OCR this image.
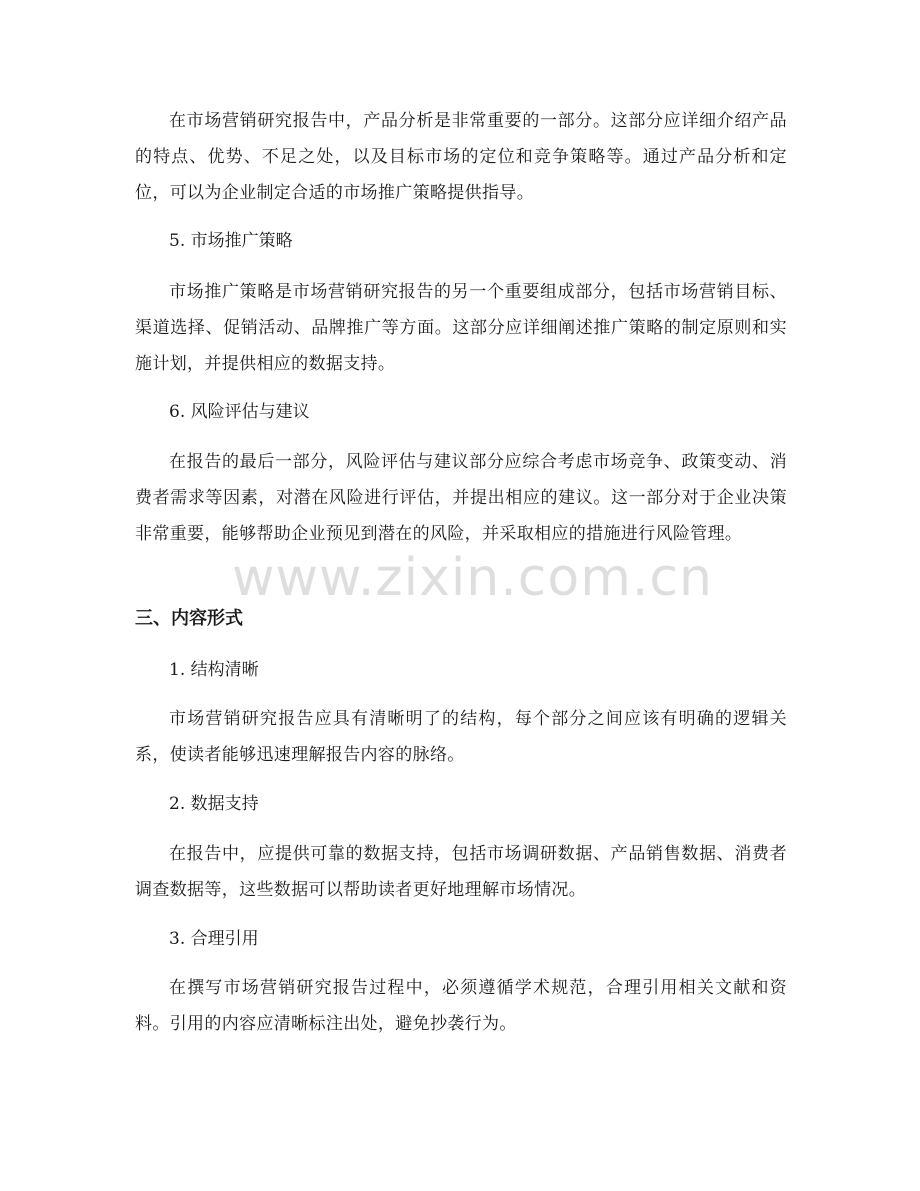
在市场营销研究报告中，产品分析是非常重要的一部分。这部分应详细介绍产品的特点、优势、不足之处，以及目标市场的定位和竞争策略等。通过产品分析和定位，可以为企业制定合适的市场推广策略提供指导。

5. 市场推广策略

市场推广策略是市场营销研究报告的另一个重要组成部分，包括市场营销目标、渠道选择、促销活动、品牌推广等方面。这部分应详细阐述推广策略的制定原则和实施计划，并提供相应的数据支持。

6. 风险评估与建议

在报告的最后一部分，风险评估与建议部分应综合考虑市场竞争、政策变动、消费者需求等因素，对潜在风险进行评估，并提出相应的建议。这一部分对于企业决策非常重要，能够帮助企业预见到潜在的风险，并采取相应的措施进行风险管理。

www.zixin.com.cn

三、内容形式

1. 结构清晰

市场营销研究报告应具有清晰明了的结构，每个部分之间应该有明确的逻辑关系，使读者能够迅速理解报告内容的脉络。

2. 数据支持

在报告中，应提供可靠的数据支持，包括市场调研数据、产品销售数据、消费者调查数据等，这些数据可以帮助读者更好地理解市场情况。

3. 合理引用

在撰写市场营销研究报告过程中，必须遵循学术规范，合理引用相关文献和资料。引用的内容应清晰标注出处，避免抄袭行为。
